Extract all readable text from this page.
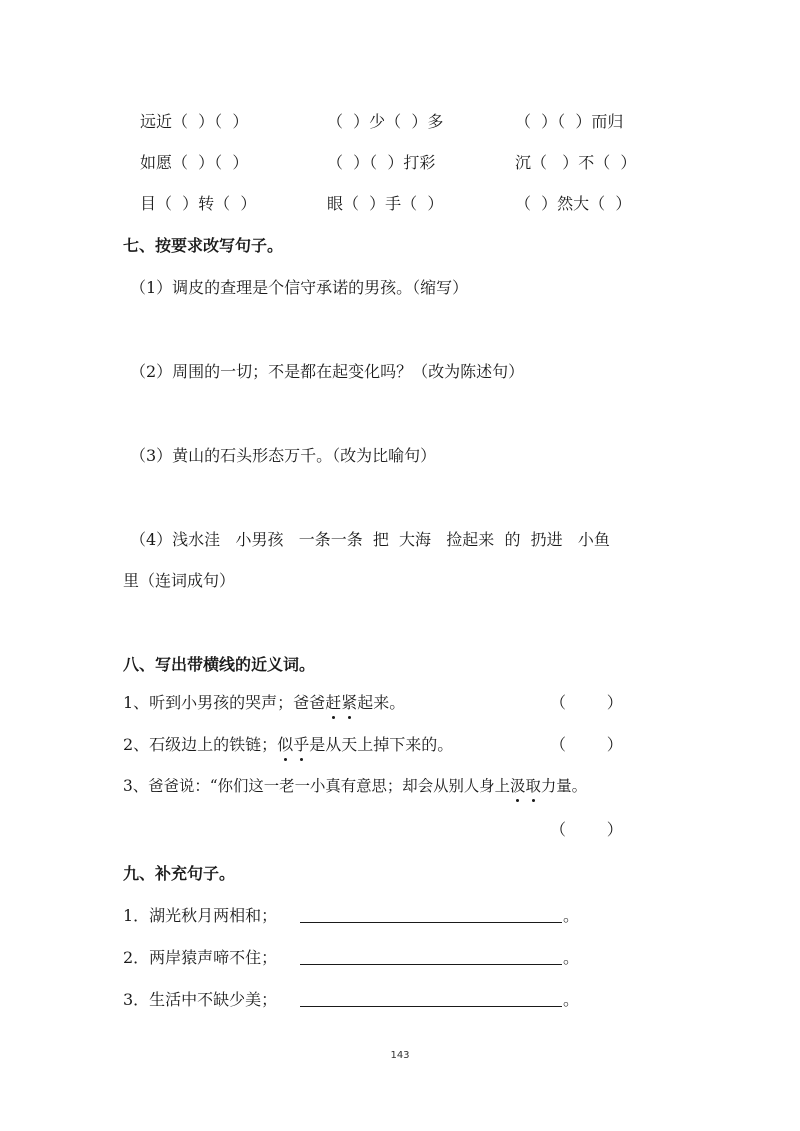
远近（  ）（  ）	（  ）少（  ）多	（  ）（  ）而归
如愿（  ）（  ）	（  ）（  ）打彩	沉（   ）不（  ）
目（  ）转（  ）	眼（  ）手（  ）	（  ）然大（  ）
七、按要求改写句子。
（1）调皮的查理是个信守承诺的男孩。（缩写）
（2）周围的一切；不是都在起变化吗？（改为陈述句）
（3）黄山的石头形态万千。（改为比喻句）
（4）浅水洼   小男孩   一条一条  把  大海   捡起来  的  扔进   小鱼
里（连词成句）
八、写出带横线的近义词。
1、听到小男孩的哭声；爸爸赶紧起来。	（        ）
2、石级边上的铁链；似乎是从天上掉下来的。	（        ）
3、爸爸说：“你们这一老一小真有意思；却会从别人身上汲取力量。
（        ）
九、补充句子。
1．湖光秋月两相和；	。
2．两岸猿声啼不住；	。
3．生活中不缺少美；	。
143
